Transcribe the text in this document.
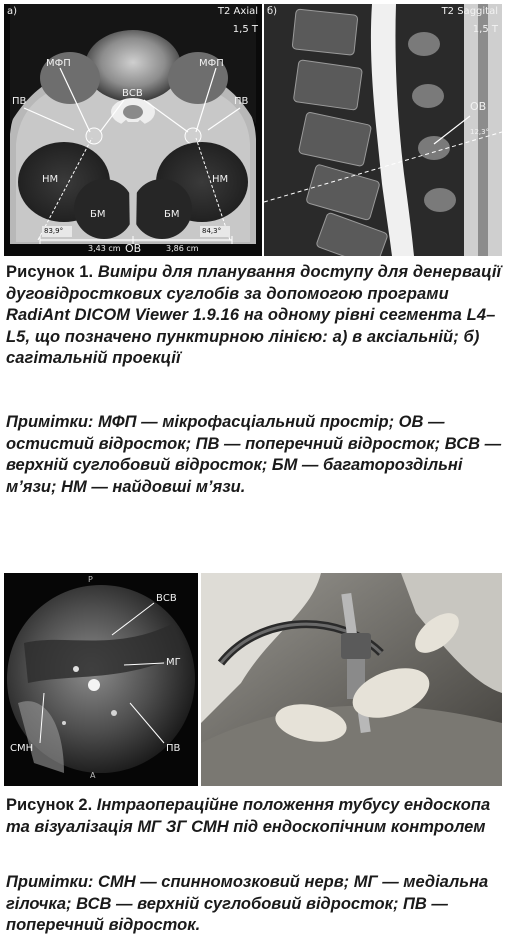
а)	T2 Axial
1,5 T
МФП	МФП
ВСВ
ПВ	ПВ
НМ	НМ
БМ	БМ
ОВ
83,9°	84,3°
3,43 cm	3,86 cm
б)	T2 Saggital
1,5 T
ОВ
12,3°
Рисунок 1. Виміри для планування доступу для денервації дуговідросткових суглобів за допомогою програми RadiAnt DICOM Viewer 1.9.16 на одному рівні сегмента L4–L5, що позначено пунктирною лінією: а) в аксіальній; б) сагітальній проекції
Примітки: МФП — мікрофасціальний простір; ОВ — остистий відросток; ПВ — поперечний відросток; ВСВ — верхній суглобовий відросток; БМ — багатороздільні м’язи; НМ — найдовші м’язи.
P
A
ВСВ
МГ
СМН	ПВ
Рисунок 2. Інтраопераційне положення тубусу ендоскопа та візуалізація МГ ЗГ СМН під ендоскопічним контролем
Примітки: СМН — спинномозковий нерв; МГ — медіальна гілочка; ВСВ — верхній суглобовий відросток; ПВ — поперечний відросток.
